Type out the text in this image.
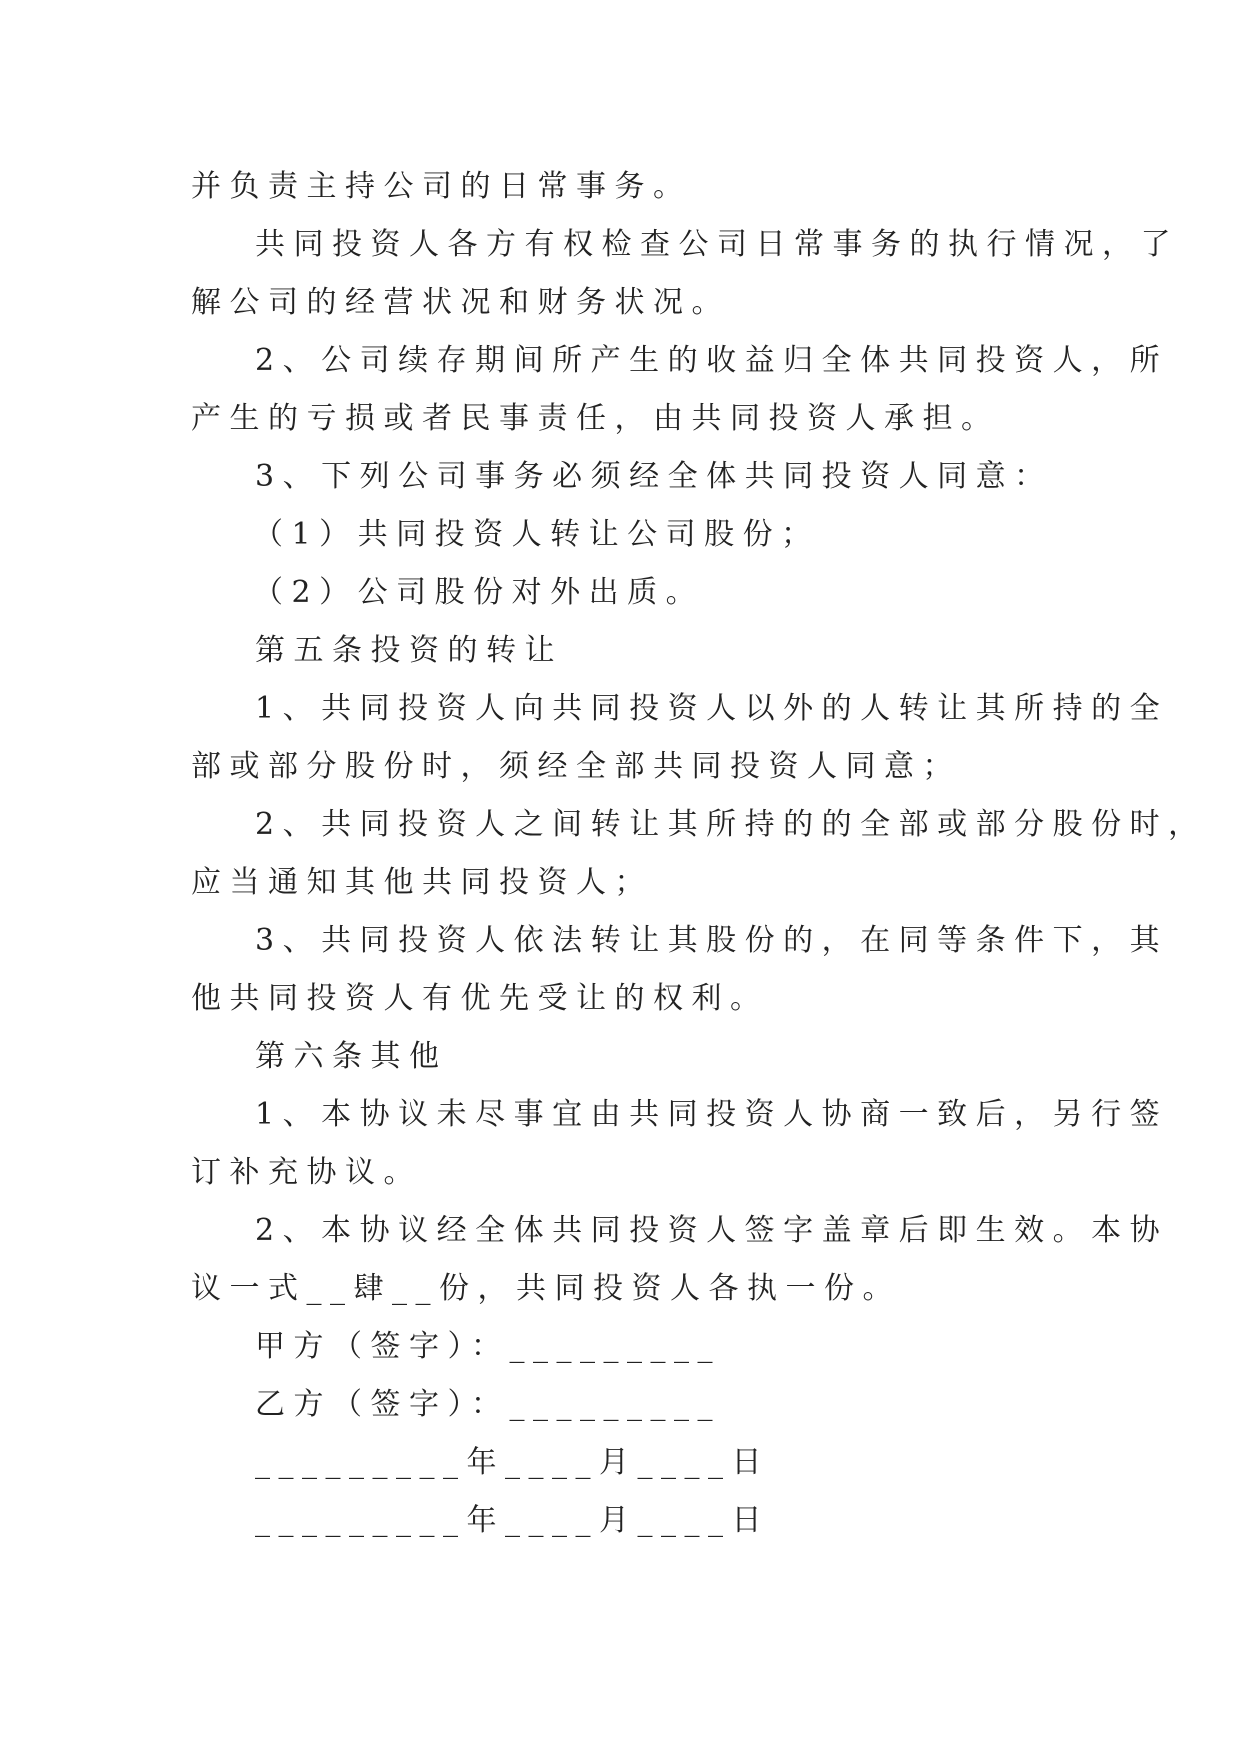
并负责主持公司的日常事务。
共同投资人各方有权检查公司日常事务的执行情况，了
解公司的经营状况和财务状况。
2、公司续存期间所产生的收益归全体共同投资人，所
产生的亏损或者民事责任，由共同投资人承担。
3、下列公司事务必须经全体共同投资人同意：
（1）共同投资人转让公司股份；
（2）公司股份对外出质。
第五条投资的转让
1、共同投资人向共同投资人以外的人转让其所持的全
部或部分股份时，须经全部共同投资人同意；
2、共同投资人之间转让其所持的的全部或部分股份时，
应当通知其他共同投资人；
3、共同投资人依法转让其股份的，在同等条件下，其
他共同投资人有优先受让的权利。
第六条其他
1、本协议未尽事宜由共同投资人协商一致后，另行签
订补充协议。
2、本协议经全体共同投资人签字盖章后即生效。本协
议一式__肆__份，共同投资人各执一份。
甲方（签字）：_________
乙方（签字）：_________
_________年____月____日
_________年____月____日
